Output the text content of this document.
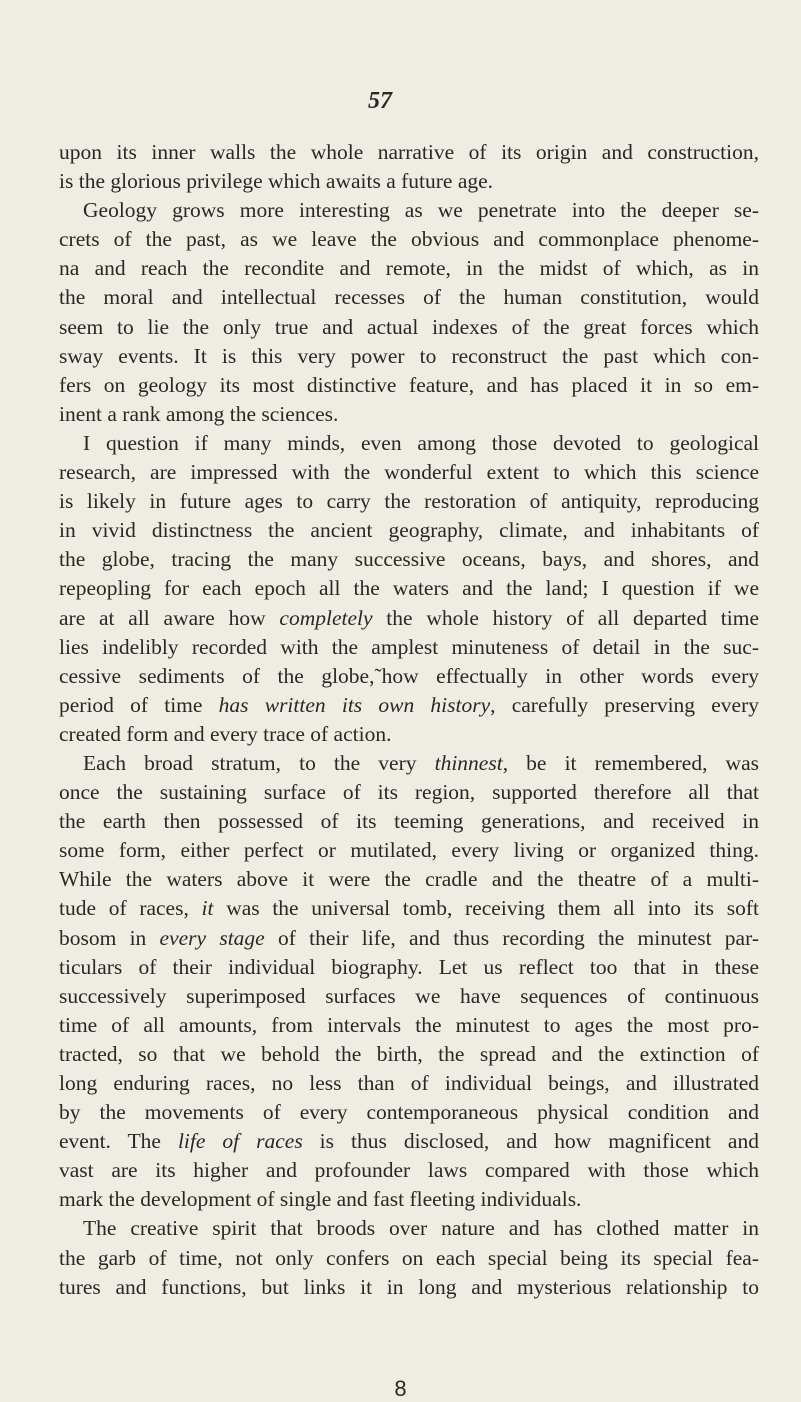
57
upon its inner walls the whole narrative of its origin and construction,
is the glorious privilege which awaits a future age.
Geology grows more interesting as we penetrate into the deeper se-
crets of the past, as we leave the obvious and commonplace phenome-
na and reach the recondite and remote, in the midst of which, as in
the moral and intellectual recesses of the human constitution, would
seem to lie the only true and actual indexes of the great forces which
sway events. It is this very power to reconstruct the past which con-
fers on geology its most distinctive feature, and has placed it in so em-
inent a rank among the sciences.
I question if many minds, even among those devoted to geological
research, are impressed with the wonderful extent to which this science
is likely in future ages to carry the restoration of antiquity, reproducing
in vivid distinctness the ancient geography, climate, and inhabitants of
the globe, tracing the many successive oceans, bays, and shores, and
repeopling for each epoch all the waters and the land; I question if we
are at all aware how completely the whole history of all departed time
lies indelibly recorded with the amplest minuteness of detail in the suc-
cessive sediments of the globe,˜how effectually in other words every
period of time has written its own history, carefully preserving every
created form and every trace of action.
Each broad stratum, to the very thinnest, be it remembered, was
once the sustaining surface of its region, supported therefore all that
the earth then possessed of its teeming generations, and received in
some form, either perfect or mutilated, every living or organized thing.
While the waters above it were the cradle and the theatre of a multi-
tude of races, it was the universal tomb, receiving them all into its soft
bosom in every stage of their life, and thus recording the minutest par-
ticulars of their individual biography. Let us reflect too that in these
successively superimposed surfaces we have sequences of continuous
time of all amounts, from intervals the minutest to ages the most pro-
tracted, so that we behold the birth, the spread and the extinction of
long enduring races, no less than of individual beings, and illustrated
by the movements of every contemporaneous physical condition and
event. The life of races is thus disclosed, and how magnificent and
vast are its higher and profounder laws compared with those which
mark the development of single and fast fleeting individuals.
The creative spirit that broods over nature and has clothed matter in
the garb of time, not only confers on each special being its special fea-
tures and functions, but links it in long and mysterious relationship to
8
